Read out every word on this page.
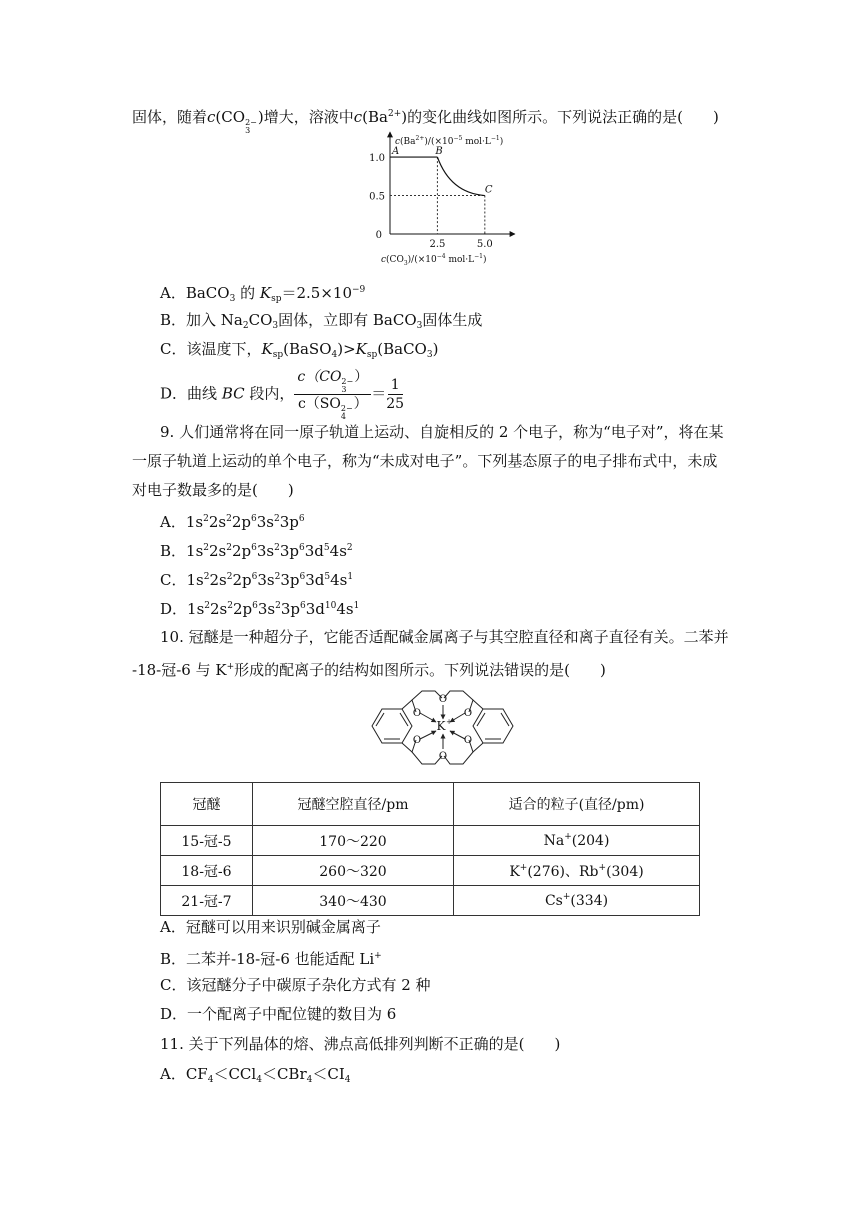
固体，随着c(CO 2−
3
)增大，溶液中$c(Ba^{2+})$的变化曲线如图所示。下列说法正确的是(　　)
A	B
C
1.0
0.5
0
2.5	5.0
$c(Ba^{2+})/(\times 10^{-5}$ $mol\cdot L^{-1}$)
$c(CO_3)/(\times 10^{-4}$ $mol\cdot L^{-1}$)
A．BaCO$_3$ 的 $K_{sp}=2.5\times 10^{-9}$
B．加入 $Na_2CO_3$固体，立即有 BaCO$_3$固体生成
C．该温度下，$K_{sp}(BaSO_4)>K_{sp}(BaCO_3)$
D．曲线 BC 段内， c（CO 2−
3
）
c（SO 2−
4
） ＝ $\frac{1}{25}$
9. 人们通常将在同一原子轨道上运动、自旋相反的 2 个电子，称为“电子对”，将在某
一原子轨道上运动的单个电子，称为“未成对电子”。下列基态原子的电子排布式中，未成
对电子数最多的是(　　)
A．$1s^22s^22p^63s^23p^6$
B．$1s^22s^22p^63s^23p^63d^54s^2$
C．$1s^22s^22p^63s^23p^63d^54s^1$
D．$1s^22s^22p^63s^23p^63d^{10}4s^1$
10. 冠醚是一种超分子，它能否适配碱金属离子与其空腔直径和离子直径有关。二苯并
-18-冠-6 与 K+形成的配离子的结构如图所示。下列说法错误的是(　　)
O
O
O
O
O
O
K +
冠醚	冠醚空腔直径/pm	适合的粒子(直径/pm)
15-冠-5	170～220	Na+(204)
18-冠-6	260～320	K+(276)、Rb+(304)
21-冠-7	340～430	Cs+(334)
A．冠醚可以用来识别碱金属离子
B．二苯并-18-冠-6 也能适配 Li+
C．该冠醚分子中碳原子杂化方式有 2 种
D．一个配离子中配位键的数目为 6
11. 关于下列晶体的熔、沸点高低排列判断不正确的是(　　)
A．$CF_4<CCl_4<CBr_4<CI_4$
